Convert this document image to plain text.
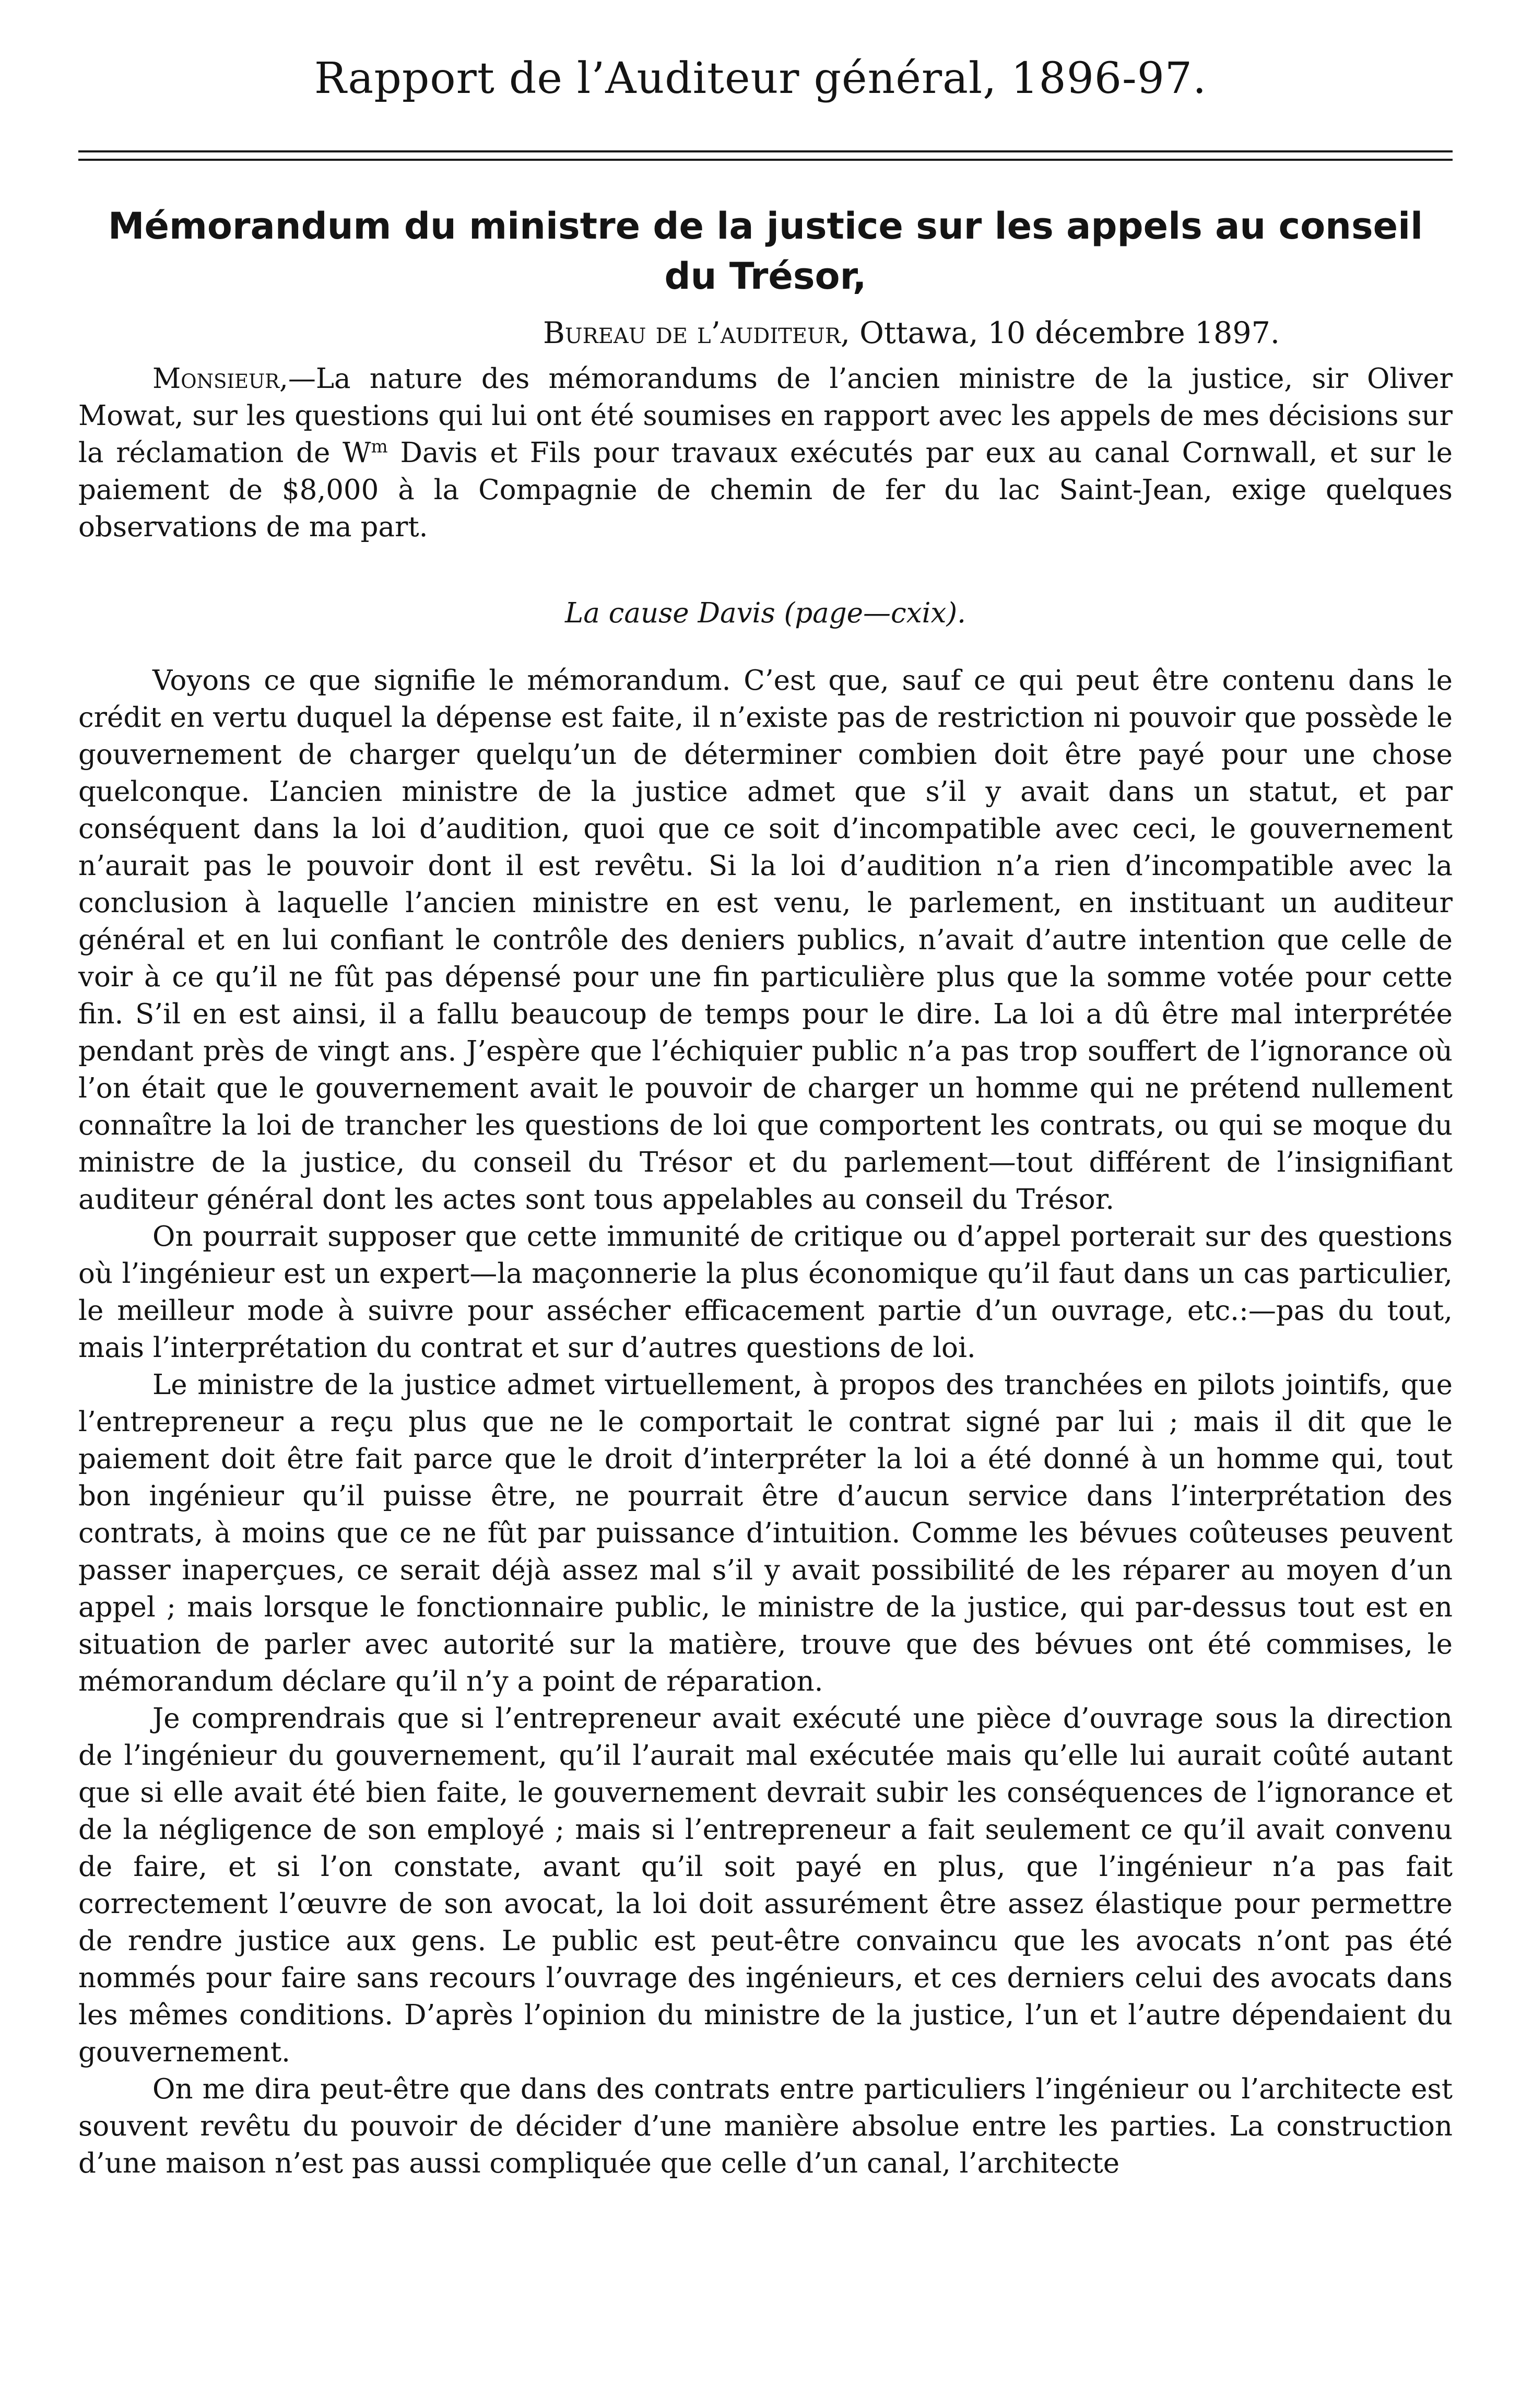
Rapport de l’Auditeur général, 1896-97.
Mémorandum du ministre de la justice sur les appels au conseil du Trésor,
Bureau de l’auditeur, Ottawa, 10 décembre 1897.

Monsieur,—La nature des mémorandums de l’ancien ministre de la justice, sir Oliver Mowat, sur les questions qui lui ont été soumises en rapport avec les appels de mes décisions sur la réclamation de $W^m$ Davis et Fils pour travaux exécutés par eux au canal Cornwall, et sur le paiement de $8,000 à la Compagnie de chemin de fer du lac Saint-Jean, exige quelques observations de ma part.

La cause Davis (page—cxix).

Voyons ce que signifie le mémorandum. C’est que, sauf ce qui peut être contenu dans le crédit en vertu duquel la dépense est faite, il n’existe pas de restriction ni pouvoir que possède le gouvernement de charger quelqu’un de déterminer combien doit être payé pour une chose quelconque. L’ancien ministre de la justice admet que s’il y avait dans un statut, et par conséquent dans la loi d’audition, quoi que ce soit d’incompatible avec ceci, le gouvernement n’aurait pas le pouvoir dont il est revêtu. Si la loi d’audition n’a rien d’incompatible avec la conclusion à laquelle l’ancien ministre en est venu, le parlement, en instituant un auditeur général et en lui confiant le contrôle des deniers publics, n’avait d’autre intention que celle de voir à ce qu’il ne fût pas dépensé pour une fin particulière plus que la somme votée pour cette fin. S’il en est ainsi, il a fallu beaucoup de temps pour le dire. La loi a dû être mal interprétée pendant près de vingt ans. J’espère que l’échiquier public n’a pas trop souffert de l’ignorance où l’on était que le gouvernement avait le pouvoir de charger un homme qui ne prétend nullement connaître la loi de trancher les questions de loi que comportent les contrats, ou qui se moque du ministre de la justice, du conseil du Trésor et du parlement—tout différent de l’insignifiant auditeur général dont les actes sont tous appelables au conseil du Trésor.

On pourrait supposer que cette immunité de critique ou d’appel porterait sur des questions où l’ingénieur est un expert—la maçonnerie la plus économique qu’il faut dans un cas particulier, le meilleur mode à suivre pour assécher efficacement partie d’un ouvrage, etc.:—pas du tout, mais l’interprétation du contrat et sur d’autres questions de loi.

Le ministre de la justice admet virtuellement, à propos des tranchées en pilots jointifs, que l’entrepreneur a reçu plus que ne le comportait le contrat signé par lui ; mais il dit que le paiement doit être fait parce que le droit d’interpréter la loi a été donné à un homme qui, tout bon ingénieur qu’il puisse être, ne pourrait être d’aucun service dans l’interprétation des contrats, à moins que ce ne fût par puissance d’intuition. Comme les bévues coûteuses peuvent passer inaperçues, ce serait déjà assez mal s’il y avait possibilité de les réparer au moyen d’un appel ; mais lorsque le fonctionnaire public, le ministre de la justice, qui par-dessus tout est en situation de parler avec autorité sur la matière, trouve que des bévues ont été commises, le mémorandum déclare qu’il n’y a point de réparation.

Je comprendrais que si l’entrepreneur avait exécuté une pièce d’ouvrage sous la direction de l’ingénieur du gouvernement, qu’il l’aurait mal exécutée mais qu’elle lui aurait coûté autant que si elle avait été bien faite, le gouvernement devrait subir les conséquences de l’ignorance et de la négligence de son employé ; mais si l’entrepreneur a fait seulement ce qu’il avait convenu de faire, et si l’on constate, avant qu’il soit payé en plus, que l’ingénieur n’a pas fait correctement l’œuvre de son avocat, la loi doit assurément être assez élastique pour permettre de rendre justice aux gens. Le public est peut-être convaincu que les avocats n’ont pas été nommés pour faire sans recours l’ouvrage des ingénieurs, et ces derniers celui des avocats dans les mêmes conditions. D’après l’opinion du ministre de la justice, l’un et l’autre dépendaient du gouvernement.

On me dira peut-être que dans des contrats entre particuliers l’ingénieur ou l’architecte est souvent revêtu du pouvoir de décider d’une manière absolue entre les parties. La construction d’une maison n’est pas aussi compliquée que celle d’un canal, l’architecte
